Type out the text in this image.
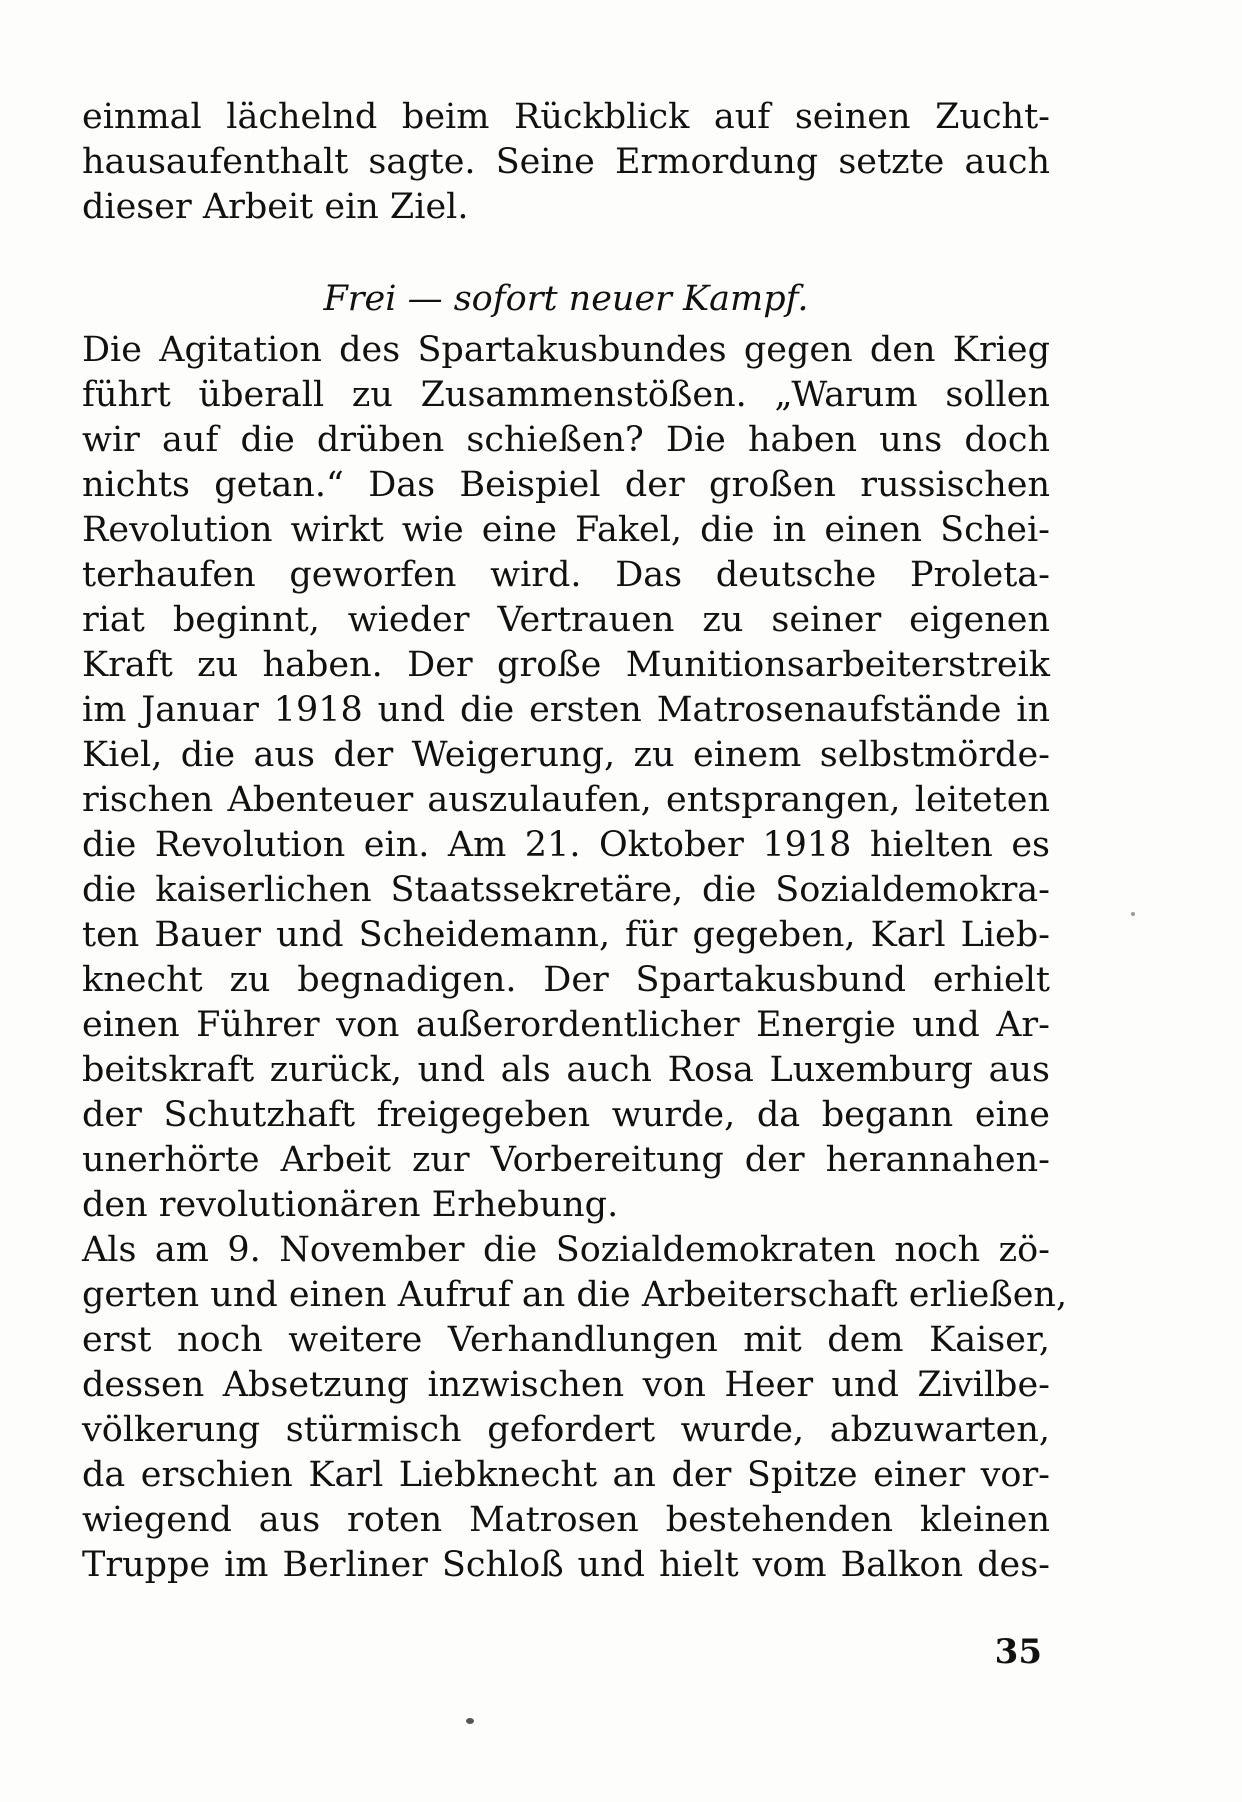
einmal lächelnd beim Rückblick auf seinen Zucht-
hausaufenthalt sagte. Seine Ermordung setzte auch
dieser Arbeit ein Ziel.
Frei — sofort neuer Kampf.
Die Agitation des Spartakusbundes gegen den Krieg
führt überall zu Zusammenstößen. „Warum sollen
wir auf die drüben schießen? Die haben uns doch
nichts getan.“ Das Beispiel der großen russischen
Revolution wirkt wie eine Fakel, die in einen Schei-
terhaufen geworfen wird. Das deutsche Proleta-
riat beginnt, wieder Vertrauen zu seiner eigenen
Kraft zu haben. Der große Munitionsarbeiterstreik
im Januar 1918 und die ersten Matrosenaufstände in
Kiel, die aus der Weigerung, zu einem selbstmörde-
rischen Abenteuer auszulaufen, entsprangen, leiteten
die Revolution ein. Am 21. Oktober 1918 hielten es
die kaiserlichen Staatssekretäre, die Sozialdemokra-
ten Bauer und Scheidemann, für gegeben, Karl Lieb-
knecht zu begnadigen. Der Spartakusbund erhielt
einen Führer von außerordentlicher Energie und Ar-
beitskraft zurück, und als auch Rosa Luxemburg aus
der Schutzhaft freigegeben wurde, da begann eine
unerhörte Arbeit zur Vorbereitung der herannahen-
den revolutionären Erhebung.
Als am 9. November die Sozialdemokraten noch zö-
gerten und einen Aufruf an die Arbeiterschaft erließen,
erst noch weitere Verhandlungen mit dem Kaiser,
dessen Absetzung inzwischen von Heer und Zivilbe-
völkerung stürmisch gefordert wurde, abzuwarten,
da erschien Karl Liebknecht an der Spitze einer vor-
wiegend aus roten Matrosen bestehenden kleinen
Truppe im Berliner Schloß und hielt vom Balkon des-
35
